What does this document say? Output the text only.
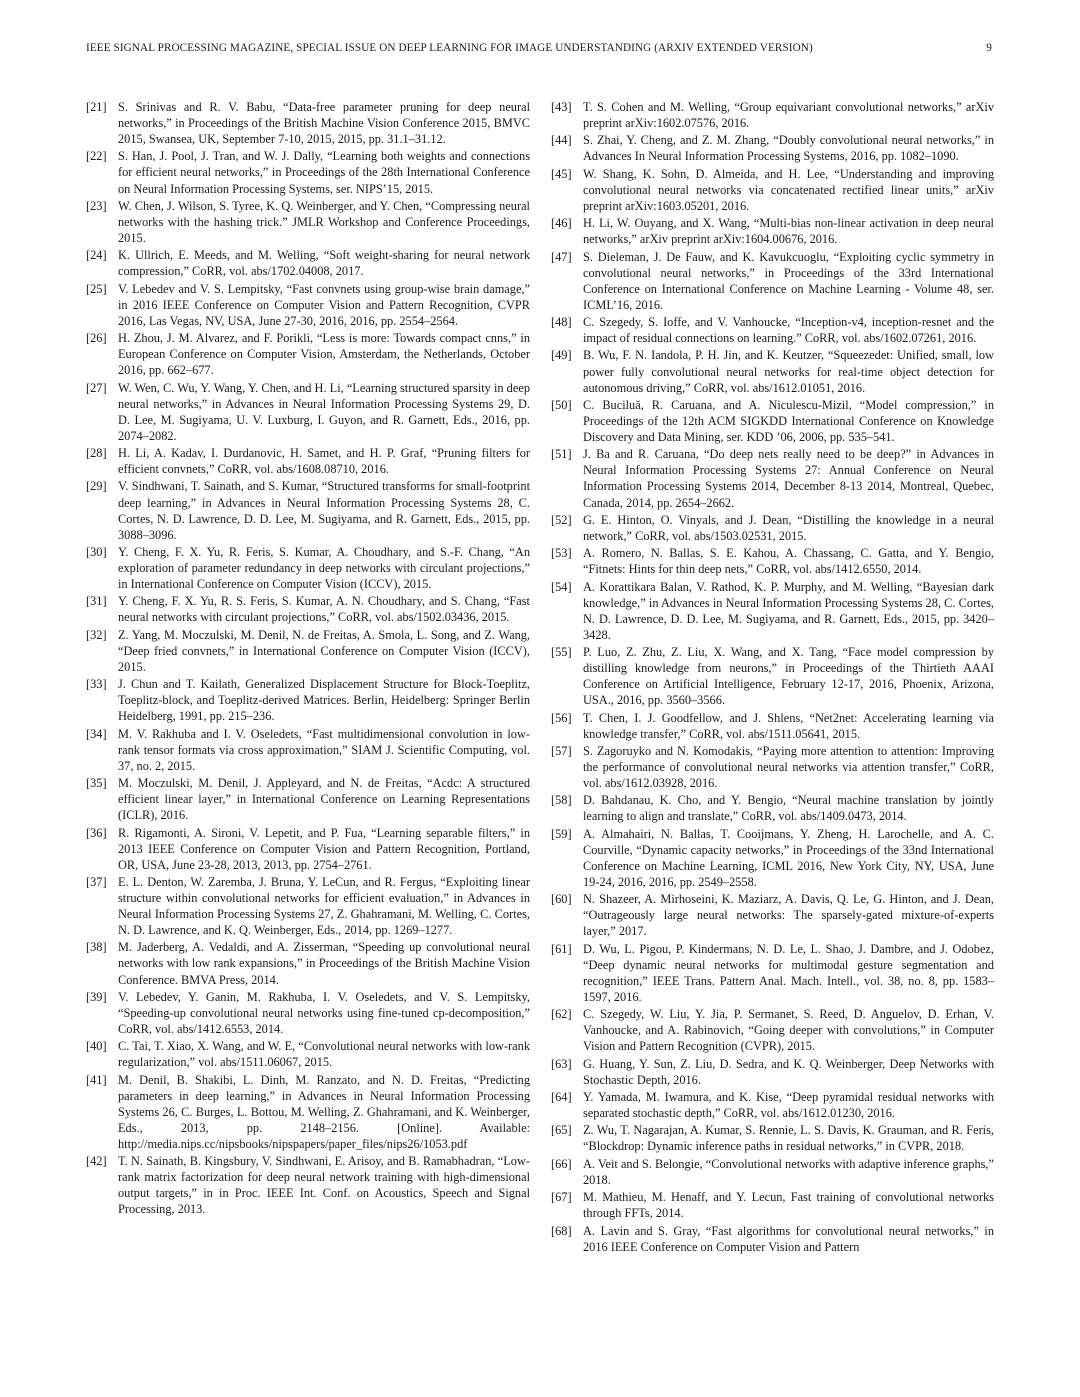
IEEE SIGNAL PROCESSING MAGAZINE, SPECIAL ISSUE ON DEEP LEARNING FOR IMAGE UNDERSTANDING (ARXIV EXTENDED VERSION)	9
[21] S. Srinivas and R. V. Babu, “Data-free parameter pruning for deep neural networks,” in Proceedings of the British Machine Vision Conference 2015, BMVC 2015, Swansea, UK, September 7-10, 2015, 2015, pp. 31.1–31.12.
[22] S. Han, J. Pool, J. Tran, and W. J. Dally, “Learning both weights and connections for efficient neural networks,” in Proceedings of the 28th International Conference on Neural Information Processing Systems, ser. NIPS’15, 2015.
[23] W. Chen, J. Wilson, S. Tyree, K. Q. Weinberger, and Y. Chen, “Compressing neural networks with the hashing trick.” JMLR Workshop and Conference Proceedings, 2015.
[24] K. Ullrich, E. Meeds, and M. Welling, “Soft weight-sharing for neural network compression,” CoRR, vol. abs/1702.04008, 2017.
[25] V. Lebedev and V. S. Lempitsky, “Fast convnets using group-wise brain damage,” in 2016 IEEE Conference on Computer Vision and Pattern Recognition, CVPR 2016, Las Vegas, NV, USA, June 27-30, 2016, 2016, pp. 2554–2564.
[26] H. Zhou, J. M. Alvarez, and F. Porikli, “Less is more: Towards compact cnns,” in European Conference on Computer Vision, Amsterdam, the Netherlands, October 2016, pp. 662–677.
[27] W. Wen, C. Wu, Y. Wang, Y. Chen, and H. Li, “Learning structured sparsity in deep neural networks,” in Advances in Neural Information Processing Systems 29, D. D. Lee, M. Sugiyama, U. V. Luxburg, I. Guyon, and R. Garnett, Eds., 2016, pp. 2074–2082.
[28] H. Li, A. Kadav, I. Durdanovic, H. Samet, and H. P. Graf, “Pruning filters for efficient convnets,” CoRR, vol. abs/1608.08710, 2016.
[29] V. Sindhwani, T. Sainath, and S. Kumar, “Structured transforms for small-footprint deep learning,” in Advances in Neural Information Processing Systems 28, C. Cortes, N. D. Lawrence, D. D. Lee, M. Sugiyama, and R. Garnett, Eds., 2015, pp. 3088–3096.
[30] Y. Cheng, F. X. Yu, R. Feris, S. Kumar, A. Choudhary, and S.-F. Chang, “An exploration of parameter redundancy in deep networks with circulant projections,” in International Conference on Computer Vision (ICCV), 2015.
[31] Y. Cheng, F. X. Yu, R. S. Feris, S. Kumar, A. N. Choudhary, and S. Chang, “Fast neural networks with circulant projections,” CoRR, vol. abs/1502.03436, 2015.
[32] Z. Yang, M. Moczulski, M. Denil, N. de Freitas, A. Smola, L. Song, and Z. Wang, “Deep fried convnets,” in International Conference on Computer Vision (ICCV), 2015.
[33] J. Chun and T. Kailath, Generalized Displacement Structure for Block-Toeplitz, Toeplitz-block, and Toeplitz-derived Matrices. Berlin, Heidelberg: Springer Berlin Heidelberg, 1991, pp. 215–236.
[34] M. V. Rakhuba and I. V. Oseledets, “Fast multidimensional convolution in low-rank tensor formats via cross approximation,” SIAM J. Scientific Computing, vol. 37, no. 2, 2015.
[35] M. Moczulski, M. Denil, J. Appleyard, and N. de Freitas, “Acdc: A structured efficient linear layer,” in International Conference on Learning Representations (ICLR), 2016.
[36] R. Rigamonti, A. Sironi, V. Lepetit, and P. Fua, “Learning separable filters,” in 2013 IEEE Conference on Computer Vision and Pattern Recognition, Portland, OR, USA, June 23-28, 2013, 2013, pp. 2754–2761.
[37] E. L. Denton, W. Zaremba, J. Bruna, Y. LeCun, and R. Fergus, “Exploiting linear structure within convolutional networks for efficient evaluation,” in Advances in Neural Information Processing Systems 27, Z. Ghahramani, M. Welling, C. Cortes, N. D. Lawrence, and K. Q. Weinberger, Eds., 2014, pp. 1269–1277.
[38] M. Jaderberg, A. Vedaldi, and A. Zisserman, “Speeding up convolutional neural networks with low rank expansions,” in Proceedings of the British Machine Vision Conference. BMVA Press, 2014.
[39] V. Lebedev, Y. Ganin, M. Rakhuba, I. V. Oseledets, and V. S. Lempitsky, “Speeding-up convolutional neural networks using fine-tuned cp-decomposition,” CoRR, vol. abs/1412.6553, 2014.
[40] C. Tai, T. Xiao, X. Wang, and W. E, “Convolutional neural networks with low-rank regularization,” vol. abs/1511.06067, 2015.
[41] M. Denil, B. Shakibi, L. Dinh, M. Ranzato, and N. D. Freitas, “Predicting parameters in deep learning,” in Advances in Neural Information Processing Systems 26, C. Burges, L. Bottou, M. Welling, Z. Ghahramani, and K. Weinberger, Eds., 2013, pp. 2148–2156. [Online]. Available: http://media.nips.cc/nipsbooks/nipspapers/paper_files/nips26/1053.pdf
[42] T. N. Sainath, B. Kingsbury, V. Sindhwani, E. Arisoy, and B. Ramabhadran, “Low-rank matrix factorization for deep neural network training with high-dimensional output targets,” in in Proc. IEEE Int. Conf. on Acoustics, Speech and Signal Processing, 2013.
[43] T. S. Cohen and M. Welling, “Group equivariant convolutional networks,” arXiv preprint arXiv:1602.07576, 2016.
[44] S. Zhai, Y. Cheng, and Z. M. Zhang, “Doubly convolutional neural networks,” in Advances In Neural Information Processing Systems, 2016, pp. 1082–1090.
[45] W. Shang, K. Sohn, D. Almeida, and H. Lee, “Understanding and improving convolutional neural networks via concatenated rectified linear units,” arXiv preprint arXiv:1603.05201, 2016.
[46] H. Li, W. Ouyang, and X. Wang, “Multi-bias non-linear activation in deep neural networks,” arXiv preprint arXiv:1604.00676, 2016.
[47] S. Dieleman, J. De Fauw, and K. Kavukcuoglu, “Exploiting cyclic symmetry in convolutional neural networks,” in Proceedings of the 33rd International Conference on International Conference on Machine Learning - Volume 48, ser. ICML’16, 2016.
[48] C. Szegedy, S. Ioffe, and V. Vanhoucke, “Inception-v4, inception-resnet and the impact of residual connections on learning.” CoRR, vol. abs/1602.07261, 2016.
[49] B. Wu, F. N. Iandola, P. H. Jin, and K. Keutzer, “Squeezedet: Unified, small, low power fully convolutional neural networks for real-time object detection for autonomous driving,” CoRR, vol. abs/1612.01051, 2016.
[50] C. Buciluă, R. Caruana, and A. Niculescu-Mizil, “Model compression,” in Proceedings of the 12th ACM SIGKDD International Conference on Knowledge Discovery and Data Mining, ser. KDD ’06, 2006, pp. 535–541.
[51] J. Ba and R. Caruana, “Do deep nets really need to be deep?” in Advances in Neural Information Processing Systems 27: Annual Conference on Neural Information Processing Systems 2014, December 8-13 2014, Montreal, Quebec, Canada, 2014, pp. 2654–2662.
[52] G. E. Hinton, O. Vinyals, and J. Dean, “Distilling the knowledge in a neural network,” CoRR, vol. abs/1503.02531, 2015.
[53] A. Romero, N. Ballas, S. E. Kahou, A. Chassang, C. Gatta, and Y. Bengio, “Fitnets: Hints for thin deep nets,” CoRR, vol. abs/1412.6550, 2014.
[54] A. Korattikara Balan, V. Rathod, K. P. Murphy, and M. Welling, “Bayesian dark knowledge,” in Advances in Neural Information Processing Systems 28, C. Cortes, N. D. Lawrence, D. D. Lee, M. Sugiyama, and R. Garnett, Eds., 2015, pp. 3420–3428.
[55] P. Luo, Z. Zhu, Z. Liu, X. Wang, and X. Tang, “Face model compression by distilling knowledge from neurons,” in Proceedings of the Thirtieth AAAI Conference on Artificial Intelligence, February 12-17, 2016, Phoenix, Arizona, USA., 2016, pp. 3560–3566.
[56] T. Chen, I. J. Goodfellow, and J. Shlens, “Net2net: Accelerating learning via knowledge transfer,” CoRR, vol. abs/1511.05641, 2015.
[57] S. Zagoruyko and N. Komodakis, “Paying more attention to attention: Improving the performance of convolutional neural networks via attention transfer,” CoRR, vol. abs/1612.03928, 2016.
[58] D. Bahdanau, K. Cho, and Y. Bengio, “Neural machine translation by jointly learning to align and translate,” CoRR, vol. abs/1409.0473, 2014.
[59] A. Almahairi, N. Ballas, T. Cooijmans, Y. Zheng, H. Larochelle, and A. C. Courville, “Dynamic capacity networks,” in Proceedings of the 33nd International Conference on Machine Learning, ICML 2016, New York City, NY, USA, June 19-24, 2016, 2016, pp. 2549–2558.
[60] N. Shazeer, A. Mirhoseini, K. Maziarz, A. Davis, Q. Le, G. Hinton, and J. Dean, “Outrageously large neural networks: The sparsely-gated mixture-of-experts layer,” 2017.
[61] D. Wu, L. Pigou, P. Kindermans, N. D. Le, L. Shao, J. Dambre, and J. Odobez, “Deep dynamic neural networks for multimodal gesture segmentation and recognition,” IEEE Trans. Pattern Anal. Mach. Intell., vol. 38, no. 8, pp. 1583–1597, 2016.
[62] C. Szegedy, W. Liu, Y. Jia, P. Sermanet, S. Reed, D. Anguelov, D. Erhan, V. Vanhoucke, and A. Rabinovich, “Going deeper with convolutions,” in Computer Vision and Pattern Recognition (CVPR), 2015.
[63] G. Huang, Y. Sun, Z. Liu, D. Sedra, and K. Q. Weinberger, Deep Networks with Stochastic Depth, 2016.
[64] Y. Yamada, M. Iwamura, and K. Kise, “Deep pyramidal residual networks with separated stochastic depth,” CoRR, vol. abs/1612.01230, 2016.
[65] Z. Wu, T. Nagarajan, A. Kumar, S. Rennie, L. S. Davis, K. Grauman, and R. Feris, “Blockdrop: Dynamic inference paths in residual networks,” in CVPR, 2018.
[66] A. Veit and S. Belongie, “Convolutional networks with adaptive inference graphs,” 2018.
[67] M. Mathieu, M. Henaff, and Y. Lecun, Fast training of convolutional networks through FFTs, 2014.
[68] A. Lavin and S. Gray, “Fast algorithms for convolutional neural networks,” in 2016 IEEE Conference on Computer Vision and Pattern
